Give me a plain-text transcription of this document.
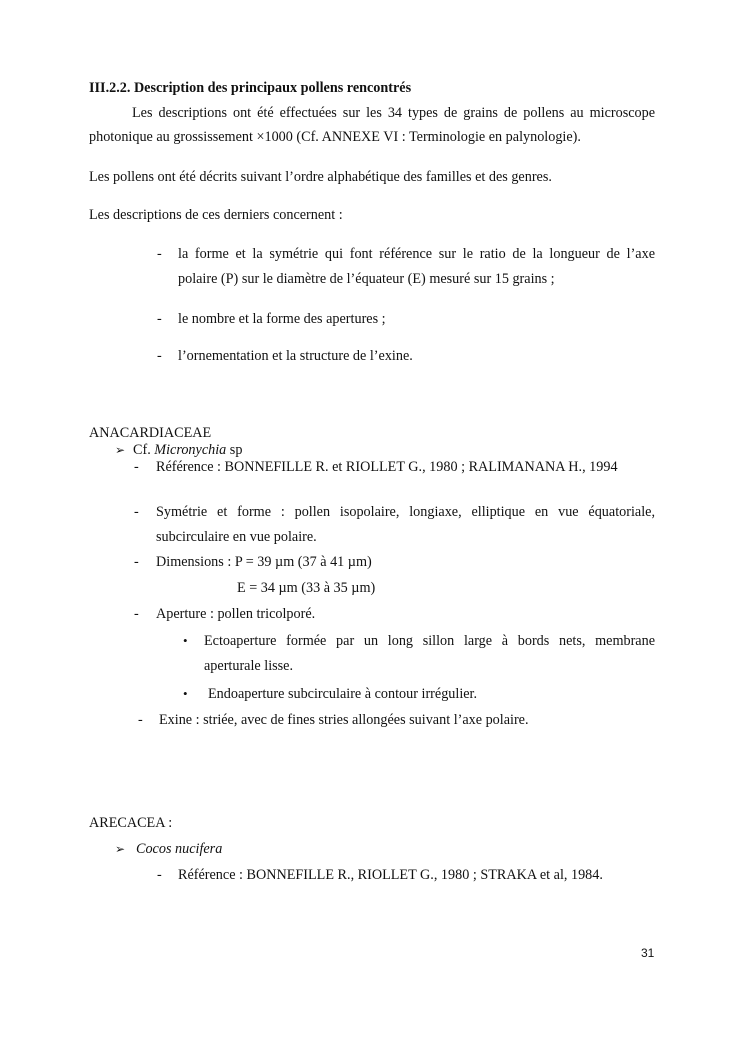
III.2.2. Description des principaux pollens rencontrés
Les descriptions ont été effectuées sur les 34 types de grains de pollens au microscope
photonique au grossissement ×1000 (Cf. ANNEXE VI : Terminologie en palynologie).
Les pollens ont été décrits suivant l’ordre alphabétique des familles et des genres.
Les descriptions de ces derniers concernent :
- la forme et la symétrie qui font référence sur le ratio de la longueur de l’axe
polaire (P) sur le diamètre de l’équateur (E) mesuré sur 15 grains ;
- le nombre et la forme des apertures ;
- l’ornementation et la structure de l’exine.
ANACARDIACEAE
➢ Cf. Micronychia sp
- Référence : BONNEFILLE R. et RIOLLET G., 1980 ; RALIMANANA H., 1994
- Symétrie et forme : pollen isopolaire, longiaxe, elliptique en vue équatoriale,
subcirculaire en vue polaire.
- Dimensions : P = 39 µm (37 à 41 µm)
E = 34 µm (33 à 35 µm)
- Aperture : pollen tricolporé.
• Ectoaperture formée par un long sillon large à bords nets, membrane
aperturale lisse.
• Endoaperture subcirculaire à contour irrégulier.
- Exine : striée, avec de fines stries allongées suivant l’axe polaire.
ARECACEA :
➢ Cocos nucifera
- Référence : BONNEFILLE R., RIOLLET G., 1980 ; STRAKA et al, 1984.
31
